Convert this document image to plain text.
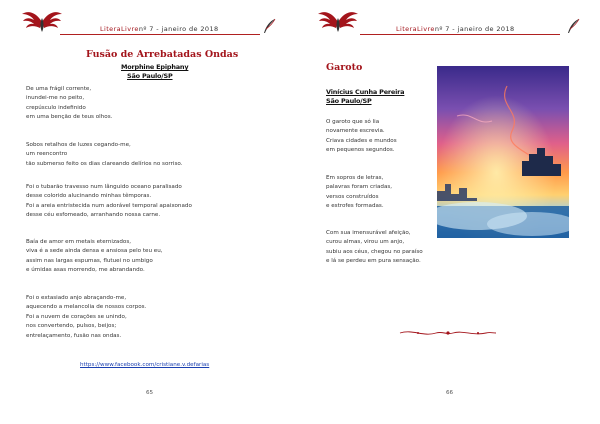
LiteraLivrenº 7 - janeiro de 2018
Fusão de Arrebatadas Ondas
Morphine Epiphany
São Paulo/SP
De uma frágil corrente,
inundei-me no peito,
crepúsculo indefinido
em uma benção de teus olhos.
Sobos retalhos de luzes cegando-me,
um reencontro
tão submerso feito os dias clareando delírios no sorriso.
Foi o tubarão travesso num lânguido oceano paralisado
desse colorido alucinando minhas têmporas.
Foi a areia entristecida num adorável temporal apaixonado
desse céu esfomeado, arranhando nossa carne.
Baía de amor em metais eternizados,
viva é a sede ainda densa e ansiosa pelo teu eu,
assim nas largas espumas, flutuei no umbigo
e úmidas asas morrendo, me abrandando.
Foi o extasiado anjo abraçando-me,
aquecendo a melancolia de nossos corpos.
Foi a nuvem de corações se unindo,
nos convertendo, pulsos, beijos;
entrelaçamento, fusão nas ondas.
https://www.facebook.com/cristiane.v.defarias
65
LiteraLivrenº 7 - janeiro de 2018
Garoto
Vinícius Cunha Pereira
São Paulo/SP
O garoto que só lia
novamente escrevia.
Criava cidades e mundos
em pequenos segundos.
Em sopros de letras,
palavras foram criadas,
versos construídos
e estrofes formadas.
Com sua imensurável afeição,
curou almas, virou um anjo,
subiu aos céus, chegou no paraíso
e lá se perdeu em pura sensação.
66
